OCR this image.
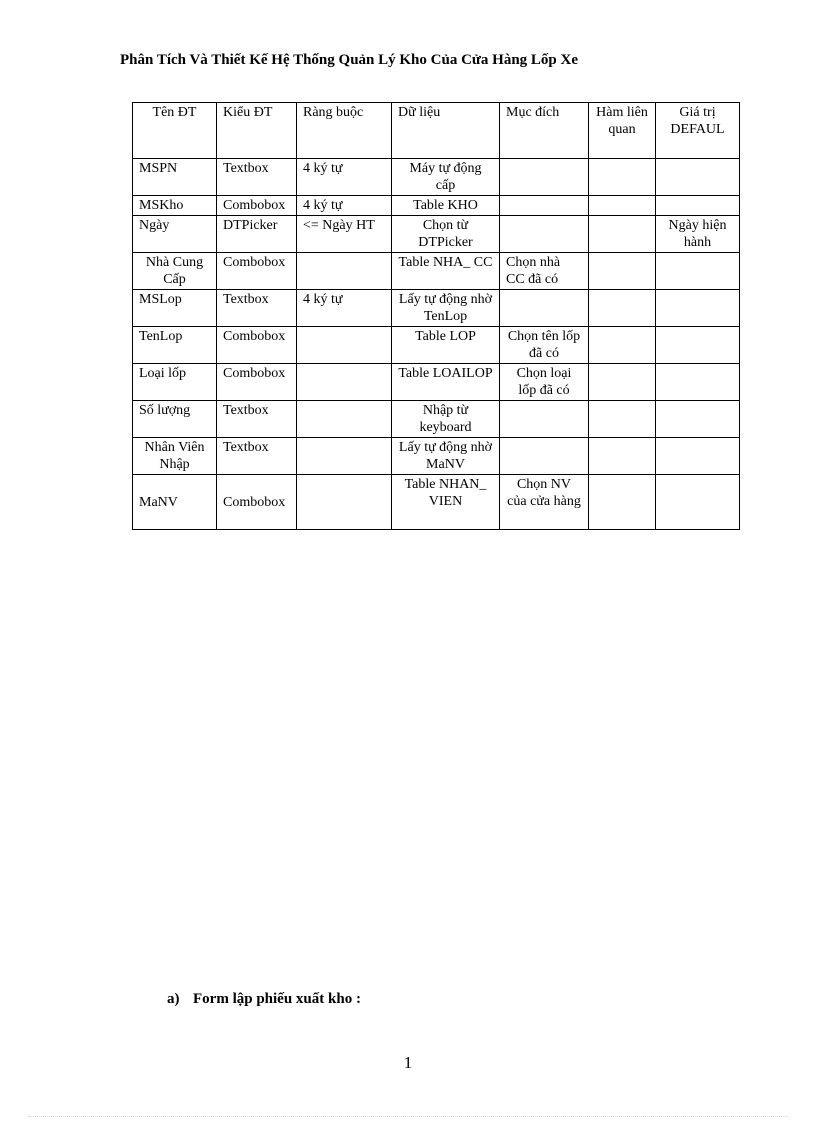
Phân Tích Và Thiết Kế Hệ Thống Quản Lý Kho Của Cửa Hàng Lốp Xe
Tên ĐT	Kiểu ĐT	Ràng buộc	Dữ liệu	Mục đích	Hàm liên quan	Giá trị DEFAUL
MSPN	Textbox	4 ký tự	Máy tự động cấp			
MSKho	Combobox	4 ký tự	Table KHO			
Ngày	DTPicker	<= Ngày HT	Chọn từ DTPicker			Ngày hiện hành
Nhà Cung Cấp	Combobox		Table NHA_ CC	Chọn nhà CC đã có		
MSLop	Textbox	4 ký tự	Lấy tự động nhờ TenLop			
TenLop	Combobox		Table LOP	Chọn tên lốp đã có		
Loại lốp	Combobox		Table LOAILOP	Chọn loại lốp đã có		
Số lượng	Textbox		Nhập từ keyboard			
Nhân Viên Nhập	Textbox		Lấy tự động nhờ MaNV			
MaNV	Combobox		Table NHAN_ VIEN	Chọn NV của cửa hàng		
a) Form lập phiếu xuất kho :
1
